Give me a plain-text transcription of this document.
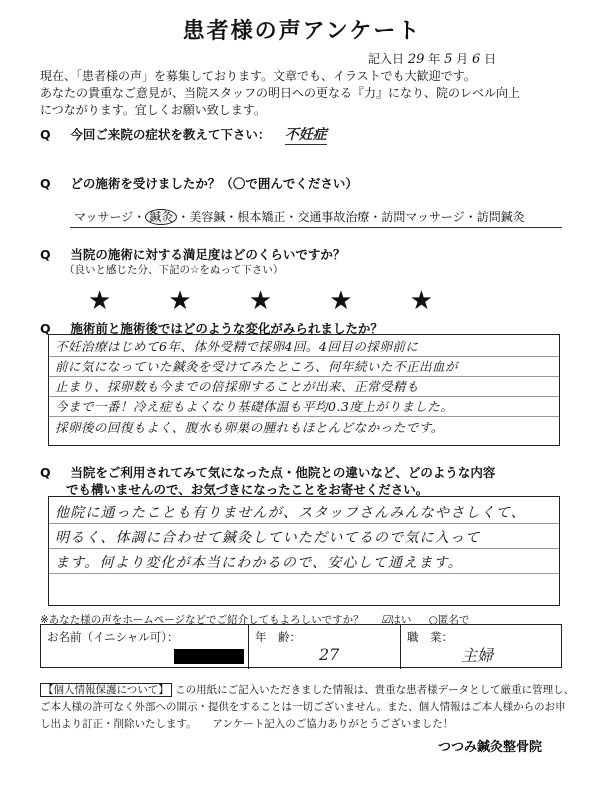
患者様の声アンケート
記入日 29 年 5 月 6 日
現在、「患者様の声」を募集しております。文章でも、イラストでも大歓迎です。
あなたの貴重なご意見が、当院スタッフの明日への更なる『力』になり、院のレベル向上
につながります。宜しくお願い致します。
Q 今回ご来院の症状を教えて下さい： 不妊症
Q どの施術を受けましたか？（〇で囲んでください）
マッサージ・ 鍼灸 ・美容鍼・根本矯正・交通事故治療・訪問マッサージ・訪問鍼灸
Q 当院の施術に対する満足度はどのくらいですか？
（良いと感じた分、下記の☆をぬって下さい）
★ ★ ★ ★ ★
Q 施術前と施術後ではどのような変化がみられましたか？
不妊治療はじめて6年、体外受精で採卵4回。4回目の採卵前に
前に気になっていた鍼灸を受けてみたところ、何年続いた不正出血が
止まり、採卵数も今までの倍採卵することが出来、正常受精も
今まで一番！冷え症もよくなり基礎体温も平均0.3度上がりました。
採卵後の回復もよく、腹水も卵巣の腫れもほとんどなかったです。
Q 当院をご利用されてみて気になった点・他院との違いなど、どのような内容
でも構いませんので、お気づきになったことをお寄せください。
他院に通ったことも有りませんが、スタッフさんみんなやさしくて、
明るく、体調に合わせて鍼灸していただいてるので気に入って
ます。何より変化が本当にわかるので、安心して通えます。
※あなた様の声をホームページなどでご紹介してもよろしいですか？ ☑はい ○匿名で
お名前（イニシャル可）：	年　齢：
27
職　業：
主婦
【個人情報保護について】 この用紙にご記入いただきました情報は、貴重な患者様データとして厳重に管理し、
ご本人様の許可なく外部への開示・提供をすることは一切ございません。また、個人情報はご本人様からのお申
し出より訂正・削除いたします。　　アンケート記入のご協力ありがとうございました！
つつみ鍼灸整骨院
